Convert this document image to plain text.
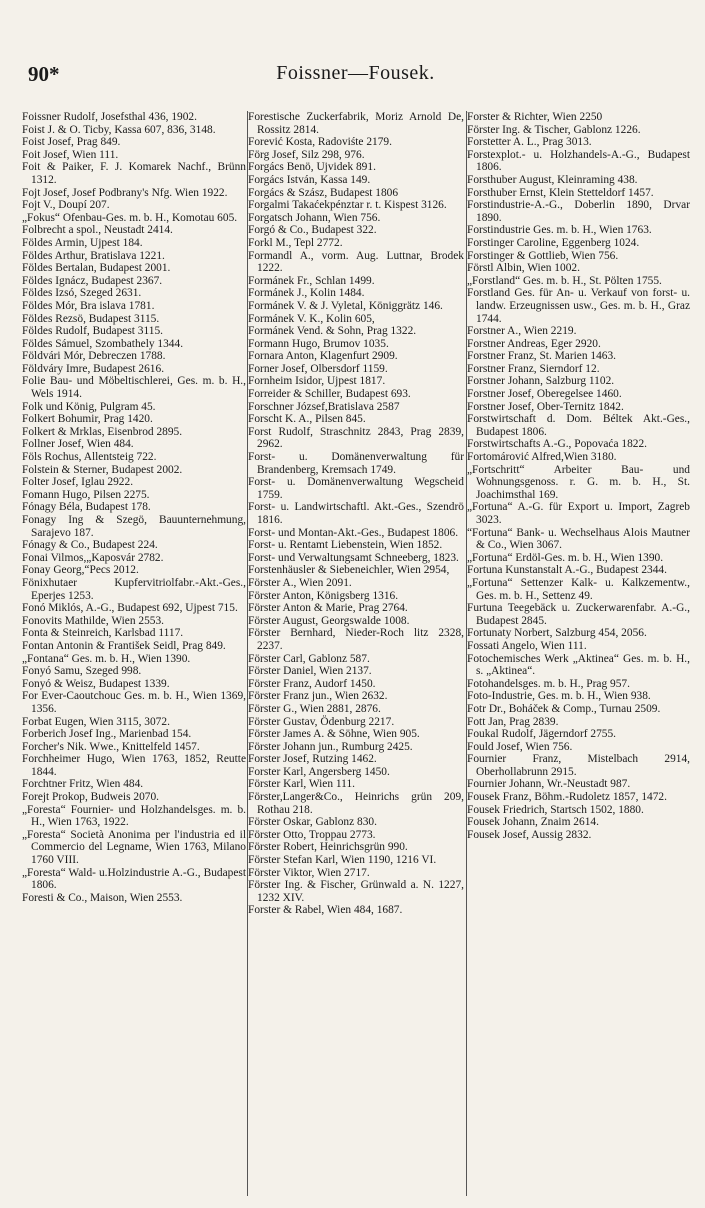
90*	Foissner—Fousek.
Foissner Rudolf, Josefsthal 436, 1902.
Foist J. & O. Ticby, Kassa 607, 836, 3148.
Foist Josef, Prag 849.
Foit Josef, Wien 111.
Foit & Paiker, F. J. Komarek Nachf., Brünn 1312.
Fojt Josef, Josef Podbrany's Nfg. Wien 1922.
Fojt V., Doupí 207.
„Fokus“ Ofenbau-Ges. m. b. H., Komotau 605.
Folbrecht a spol., Neustadt 2414.
Földes Armin, Ujpest 184.
Földes Arthur, Bratislava 1221.
Földes Bertalan, Budapest 2001.
Földes Ignácz, Budapest 2367.
Földes Izsó, Szeged 2631.
Földes Mór, Bra islava 1781.
Földes Rezsö, Budapest 3115.
Földes Rudolf, Budapest 3115.
Földes Sámuel, Szombathely 1344.
Földvári Mór, Debreczen 1788.
Földváry Imre, Budapest 2616.
Folie Bau- und Möbeltischlerei, Ges. m. b. H., Wels 1914.
Folk und König, Pulgram 45.
Folkert Bohumir, Prag 1420.
Folkert & Mrklas, Eisenbrod 2895.
Follner Josef, Wien 484.
Föls Rochus, Allentsteig 722.
Folstein & Sterner, Budapest 2002.
Folter Josef, Iglau 2922.
Fomann Hugo, Pilsen 2275.
Fónagy Béla, Budapest 178.
Fonagy Ing & Szegö, Bauunternehmung, Sarajevo 187.
Fónagy & Co., Budapest 224.
Fonai Vilmos,„Kaposvár 2782.
Fonay Georg,“Pecs 2012.
Fönixhutaer Kupfervitriolfabr.-Akt.-Ges., Eperjes 1253.
Fonó Miklós, A.-G., Budapest 692, Ujpest 715.
Fonovits Mathilde, Wien 2553.
Fonta & Steinreich, Karlsbad 1117.
Fontan Antonin & František Seidl, Prag 849.
„Fontana“ Ges. m. b. H., Wien 1390.
Fonyó Samu, Szeged 998.
Fonyó & Weisz, Budapest 1339.
For Ever-Caoutchouc Ges. m. b. H., Wien 1369, 1356.
Forbat Eugen, Wien 3115, 3072.
Forberich Josef Ing., Marienbad 154.
Forcher's Nik. Wwe., Knittelfeld 1457.
Forchheimer Hugo, Wien 1763, 1852, Reutte 1844.
Forchtner Fritz, Wien 484.
Forejt Prokop, Budweis 2070.
„Foresta“ Fournier- und Holzhandelsges. m. b. H., Wien 1763, 1922.
„Foresta“ Società Anonima per l'industria ed il Commercio del Legname, Wien 1763, Milano 1760 VIII.
„Foresta“ Wald- u.Holzindustrie A.-G., Budapest 1806.
Foresti & Co., Maison, Wien 2553.
Forestische Zuckerfabrik, Moriz Arnold De, Rossitz 2814.
Forević Kosta, Radoviśte 2179.
Förg Josef, Silz 298, 976.
Forgács Benö, Ujvidek 891.
Forgács István, Kassa 149.
Forgács & Szász, Budapest 1806
Forgalmi Takaćekpénztar r. t. Kispest 3126.
Forgatsch Johann, Wien 756.
Forgó & Co., Budapest 322.
Forkl M., Tepl 2772.
Formandl A., vorm. Aug. Luttnar, Brodek 1222.
Formánek Fr., Schlan 1499.
Formánek J., Kolin 1484.
Formánek V. & J. Vyletal, Königgrätz 146.
Formánek V. K., Kolin 605,
Formánek Vend. & Sohn, Prag 1322.
Formann Hugo, Brumov 1035.
Fornara Anton, Klagenfurt 2909.
Forner Josef, Olbersdorf 1159.
Fornheim Isidor, Ujpest 1817.
Forreider & Schiller, Budapest 693.
Forschner József,Bratislava 2587
Forscht K. A., Pilsen 845.
Forst Rudolf, Straschnitz 2843, Prag 2839, 2962.
Forst- u. Domänenverwaltung für Brandenberg, Kremsach 1749.
Forst- u. Domänenverwaltung Wegscheid 1759.
Forst- u. Landwirtschaftl. Akt.-Ges., Szendrö 1816.
Forst- und Montan-Akt.-Ges., Budapest 1806.
Forst- u. Rentamt Liebenstein, Wien 1852.
Forst- und Verwaltungsamt Schneeberg, 1823.
Forstenhäusler & Siebeneichler, Wien 2954,
Förster A., Wien 2091.
Förster Anton, Königsberg 1316.
Förster Anton & Marie, Prag 2764.
Förster August, Georgswalde 1008.
Förster Bernhard, Nieder-Roch litz 2328, 2237.
Förster Carl, Gablonz 587.
Förster Daniel, Wien 2137.
Förster Franz, Audorf 1450.
Förster Franz jun., Wien 2632.
Förster G., Wien 2881, 2876.
Förster Gustav, Ödenburg 2217.
Förster James A. & Söhne, Wien 905.
Förster Johann jun., Rumburg 2425.
Forster Josef, Rutzing 1462.
Forster Karl, Angersberg 1450.
Förster Karl, Wien 111.
Förster,Langer&Co., Heinrichs grün 209, Rothau 218.
Förster Oskar, Gablonz 830.
Förster Otto, Troppau 2773.
Förster Robert, Heinrichsgrün 990.
Förster Stefan Karl, Wien 1190, 1216 VI.
Förster Viktor, Wien 2717.
Förster Ing. & Fischer, Grünwald a. N. 1227, 1232 XIV.
Forster & Rabel, Wien 484, 1687.
Forster & Richter, Wien 2250
Förster Ing. & Tischer, Gablonz 1226.
Forstetter A. L., Prag 3013.
Forstexplot.- u. Holzhandels-A.-G., Budapest 1806.
Forsthuber August, Kleinraming 438.
Forsthuber Ernst, Klein Stetteldorf 1457.
Forstindustrie-A.-G., Doberlin 1890, Drvar 1890.
Forstindustrie Ges. m. b. H., Wien 1763.
Forstinger Caroline, Eggenberg 1024.
Forstinger & Gottlieb, Wien 756.
Förstl Albin, Wien 1002.
„Forstland“ Ges. m. b. H., St. Pölten 1755.
Forstland Ges. für An- u. Verkauf von forst- u. landw. Erzeugnissen usw., Ges. m. b. H., Graz 1744.
Forstner A., Wien 2219.
Forstner Andreas, Eger 2920.
Forstner Franz, St. Marien 1463.
Forstner Franz, Sierndorf 12.
Forstner Johann, Salzburg 1102.
Forstner Josef, Oberegelsee 1460.
Forstner Josef, Ober-Ternitz 1842.
Forstwirtschaft d. Dom. Béltek Akt.-Ges., Budapest 1806.
Forstwirtschafts A.-G., Popovaća 1822.
Fortomárović Alfred,Wien 3180.
„Fortschritt“ Arbeiter Bau- und Wohnungsgenoss. r. G. m. b. H., St. Joachimsthal 169.
„Fortuna“ A.-G. für Export u. Import, Zagreb 3023.
“Fortuna“ Bank- u. Wechselhaus Alois Mautner & Co., Wien 3067.
„Fortuna“ Erdöl-Ges. m. b. H., Wien 1390.
Fortuna Kunstanstalt A.-G., Budapest 2344.
„Fortuna“ Settenzer Kalk- u. Kalkzementw., Ges. m. b. H., Settenz 49.
Furtuna Teegebäck u. Zuckerwarenfabr. A.-G., Budapest 2845.
Fortunaty Norbert, Salzburg 454, 2056.
Fossati Angelo, Wien 111.
Fotochemisches Werk „Aktinea“ Ges. m. b. H., s. „Aktinea“.
Fotohandelsges. m. b. H., Prag 957.
Foto-Industrie, Ges. m. b. H., Wien 938.
Fotr Dr., Boháček & Comp., Turnau 2509.
Fott Jan, Prag 2839.
Foukal Rudolf, Jägerndorf 2755.
Fould Josef, Wien 756.
Fournier Franz, Mistelbach 2914, Oberhollabrunn 2915.
Fournier Johann, Wr.-Neustadt 987.
Fousek Franz, Böhm.-Rudoletz 1857, 1472.
Fousek Friedrich, Startsch 1502, 1880.
Fousek Johann, Znaim 2614.
Fousek Josef, Aussig 2832.
